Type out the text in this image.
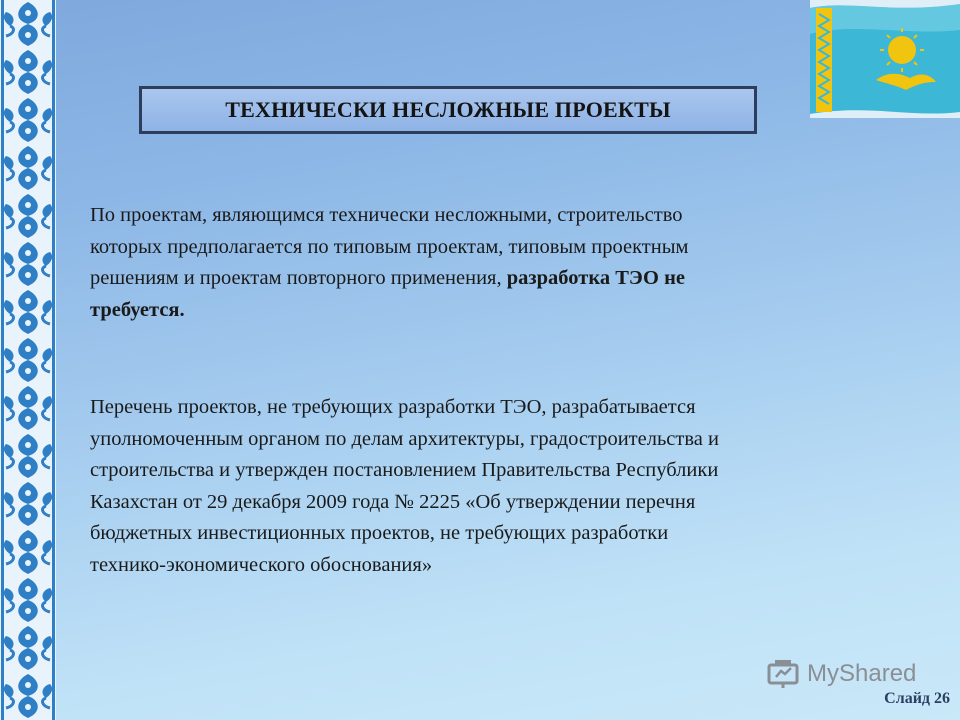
ТЕХНИЧЕСКИ НЕСЛОЖНЫЕ ПРОЕКТЫ
По проектам, являющимся технически несложными, строительство
которых предполагается по типовым проектам, типовым проектным
решениям и проектам повторного применения, разработка ТЭО не
требуется.
Перечень проектов, не требующих разработки ТЭО, разрабатывается
уполномоченным органом по делам архитектуры, градостроительства и
строительства и утвержден постановлением Правительства Республики
Казахстан от 29 декабря 2009 года № 2225 «Об утверждении перечня
бюджетных инвестиционных проектов, не требующих разработки
технико-экономического обоснования»
MyShared
Слайд 26
